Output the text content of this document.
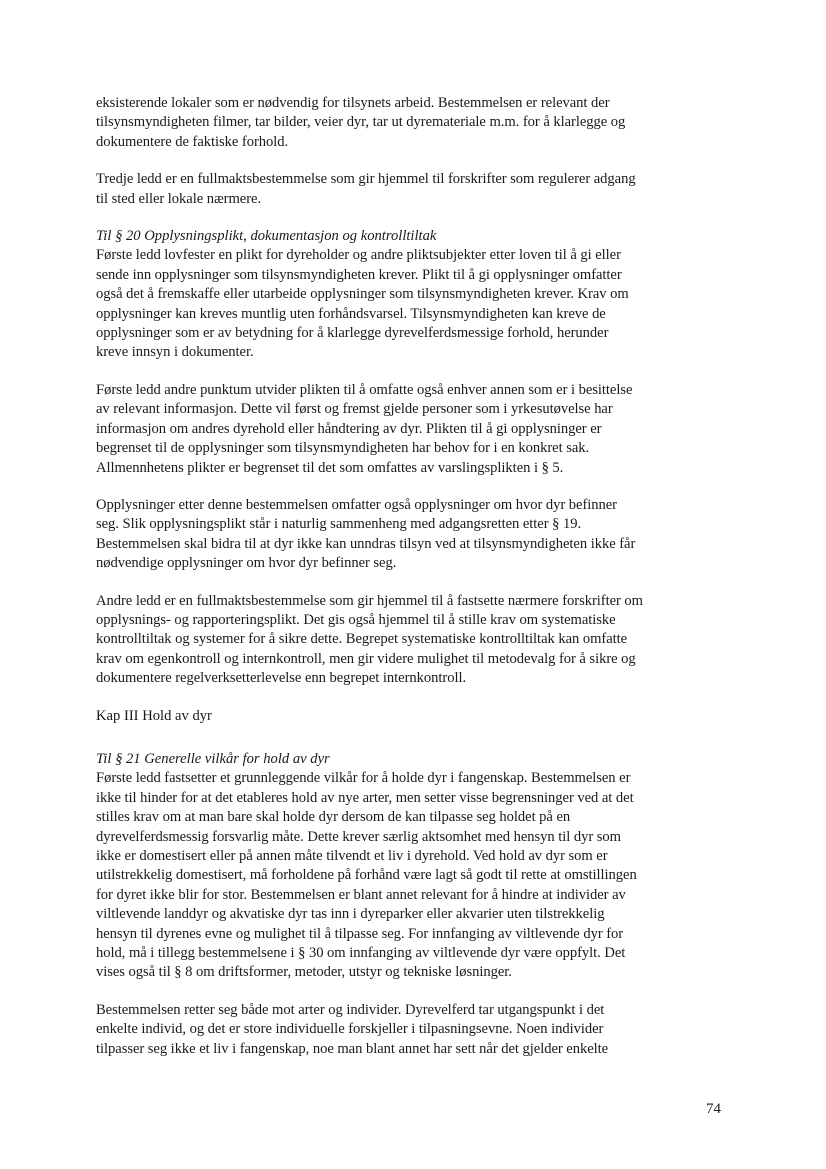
eksisterende lokaler som er nødvendig for tilsynets arbeid. Bestemmelsen er relevant der
tilsynsmyndigheten filmer, tar bilder, veier dyr, tar ut dyremateriale m.m. for å klarlegge og
dokumentere de faktiske forhold.

Tredje ledd er en fullmaktsbestemmelse som gir hjemmel til forskrifter som regulerer adgang
til sted eller lokale nærmere.

Til § 20 Opplysningsplikt, dokumentasjon og kontrolltiltak

Første ledd lovfester en plikt for dyreholder og andre pliktsubjekter etter loven til å gi eller
sende inn opplysninger som tilsynsmyndigheten krever. Plikt til å gi opplysninger omfatter
også det å fremskaffe eller utarbeide opplysninger som tilsynsmyndigheten krever. Krav om
opplysninger kan kreves muntlig uten forhåndsvarsel. Tilsynsmyndigheten kan kreve de
opplysninger som er av betydning for å klarlegge dyrevelferdsmessige forhold, herunder
kreve innsyn i dokumenter.

Første ledd andre punktum utvider plikten til å omfatte også enhver annen som er i besittelse
av relevant informasjon. Dette vil først og fremst gjelde personer som i yrkesutøvelse har
informasjon om andres dyrehold eller håndtering av dyr. Plikten til å gi opplysninger er
begrenset til de opplysninger som tilsynsmyndigheten har behov for i en konkret sak.
Allmennhetens plikter er begrenset til det som omfattes av varslingsplikten i § 5.

Opplysninger etter denne bestemmelsen omfatter også opplysninger om hvor dyr befinner
seg. Slik opplysningsplikt står i naturlig sammenheng med adgangsretten etter § 19.
Bestemmelsen skal bidra til at dyr ikke kan unndras tilsyn ved at tilsynsmyndigheten ikke får
nødvendige opplysninger om hvor dyr befinner seg.

Andre ledd er en fullmaktsbestemmelse som gir hjemmel til å fastsette nærmere forskrifter om
opplysnings- og rapporteringsplikt. Det gis også hjemmel til å stille krav om systematiske
kontrolltiltak og systemer for å sikre dette. Begrepet systematiske kontrolltiltak kan omfatte
krav om egenkontroll og internkontroll, men gir videre mulighet til metodevalg for å sikre og
dokumentere regelverksetterlevelse enn begrepet internkontroll.

Kap III Hold av dyr

Til § 21 Generelle vilkår for hold av dyr

Første ledd fastsetter et grunnleggende vilkår for å holde dyr i fangenskap. Bestemmelsen er
ikke til hinder for at det etableres hold av nye arter, men setter visse begrensninger ved at det
stilles krav om at man bare skal holde dyr dersom de kan tilpasse seg holdet på en
dyrevelferdsmessig forsvarlig måte. Dette krever særlig aktsomhet med hensyn til dyr som
ikke er domestisert eller på annen måte tilvendt et liv i dyrehold. Ved hold av dyr som er
utilstrekkelig domestisert, må forholdene på forhånd være lagt så godt til rette at omstillingen
for dyret ikke blir for stor. Bestemmelsen er blant annet relevant for å hindre at individer av
viltlevende landdyr og akvatiske dyr tas inn i dyreparker eller akvarier uten tilstrekkelig
hensyn til dyrenes evne og mulighet til å tilpasse seg. For innfanging av viltlevende dyr for
hold, må i tillegg bestemmelsene i § 30 om innfanging av viltlevende dyr være oppfylt. Det
vises også til § 8 om driftsformer, metoder, utstyr og tekniske løsninger.

Bestemmelsen retter seg både mot arter og individer. Dyrevelferd tar utgangspunkt i det
enkelte individ, og det er store individuelle forskjeller i tilpasningsevne. Noen individer
tilpasser seg ikke et liv i fangenskap, noe man blant annet har sett når det gjelder enkelte

74
